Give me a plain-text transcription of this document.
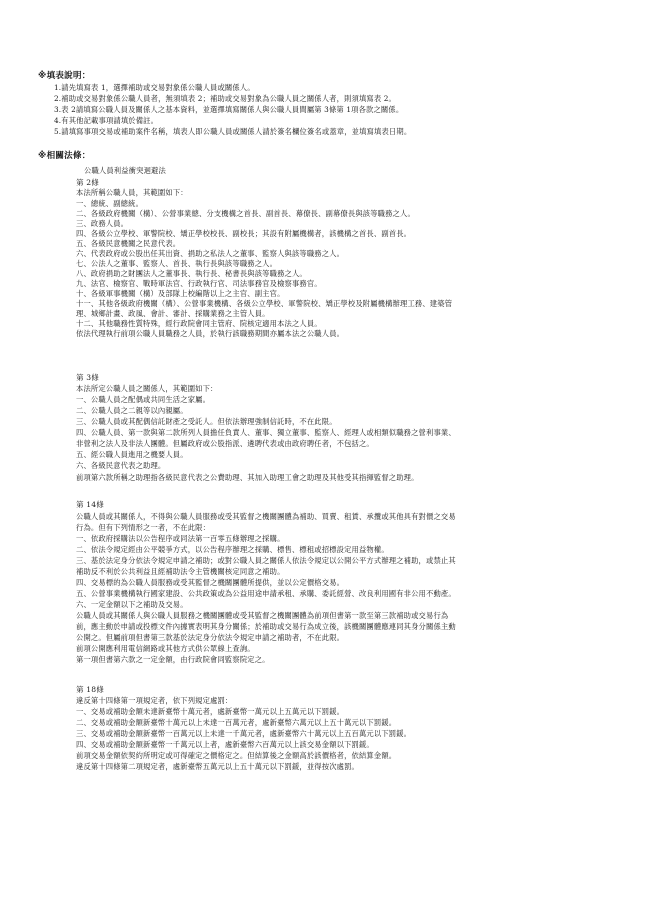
※填表說明：

1.請先填寫表 1，選擇補助或交易對象係公職人員或關係人。
2.補助或交易對象係公職人員者，無須填表 2；補助或交易對象為公職人員之關係人者，則須填寫表 2。
3.表 2請填寫公職人員及關係人之基本資料，並選擇填寫關係人與公職人員間屬第 3條第 1項各款之關係。
4.有其他記載事項請填於備註。
5.請填寫事項交易或補助案件名稱，填表人即公職人員或關係人請於簽名欄位簽名或蓋章，並填寫填表日期。

※相關法條：

公職人員利益衝突迴避法
第 2條
本法所稱公職人員，其範圍如下：
一、總統、副總統。
二、各級政府機關（構）、公營事業總、分支機構之首長、副首長、幕僚長、副幕僚長與該等職務之人。
三、政務人員。
四、各級公立學校、軍警院校、矯正學校校長、副校長；其設有附屬機構者，該機構之首長、副首長。
五、各級民意機關之民意代表。
六、代表政府或公股出任其出資、捐助之私法人之董事、監察人與該等職務之人。
七、公法人之董事、監察人、首長、執行長與該等職務之人。
八、政府捐助之財團法人之董事長、執行長、秘書長與該等職務之人。
九、法官、檢察官、戰時軍法官、行政執行官、司法事務官及檢察事務官。
十、各級軍事機關（構）及部隊上校編階以上之主官、副主官。
十一、其他各級政府機關（構）、公營事業機構、各級公立學校、軍警院校、矯正學校及附屬機構辦理工務、建築管
理、城鄉計畫、政風、會計、審計、採購業務之主管人員。
十二、其他職務性質特殊，經行政院會同主管府、院核定適用本法之人員。
依法代理執行前項公職人員職務之人員，於執行該職務期間亦屬本法之公職人員。
第 3條
本法所定公職人員之關係人，其範圍如下：
一、公職人員之配偶或共同生活之家屬。
二、公職人員之二親等以內親屬。
三、公職人員或其配偶信託財產之受託人。但依法辦理強制信託時，不在此限。
四、公職人員、第一款與第二款所列人員擔任負責人、董事、獨立董事、監察人、經理人或相類似職務之營利事業、
非營利之法人及非法人團體。但屬政府或公股指派、遴聘代表或由政府聘任者，不包括之。
五、經公職人員進用之機要人員。
六、各級民意代表之助理。
前項第六款所稱之助理指各級民意代表之公費助理、其加入助理工會之助理及其他受其指揮監督之助理。
第 14條
公職人員或其關係人，不得與公職人員服務或受其監督之機關團體為補助、買賣、租賃、承攬或其他具有對價之交易
行為。但有下列情形之一者，不在此限：
一、依政府採購法以公告程序或同法第一百零五條辦理之採購。
二、依法令規定經由公平競爭方式，以公告程序辦理之採購、標售、標租或招標設定用益物權。
三、基於法定身分依法令規定申請之補助；或對公職人員之關係人依法令規定以公開公平方式辦理之補助，或禁止其
補助反不利於公共利益且經補助法令主管機關核定同意之補助。
四、交易標的為公職人員服務或受其監督之機關團體所提供，並以公定價格交易。
五、公營事業機構執行國家建設、公共政策或為公益用途申請承租、承購、委託經營、改良利用國有非公用不動產。
六、一定金額以下之補助及交易。
公職人員或其關係人與公職人員服務之機關團體或受其監督之機關團體為前項但書第一款至第三款補助或交易行為
前，應主動於申請或投標文件內據實表明其身分關係；於補助或交易行為成立後，該機關團體應連同其身分關係主動
公開之。但屬前項但書第三款基於法定身分依法令規定申請之補助者，不在此限。
前項公開應利用電信網路或其他方式供公眾線上查詢。
第一項但書第六款之一定金額，由行政院會同監察院定之。
第 18條
違反第十四條第一項規定者，依下列規定處罰：
一、交易或補助金額未達新臺幣十萬元者，處新臺幣一萬元以上五萬元以下罰鍰。
二、交易或補助金額新臺幣十萬元以上未達一百萬元者，處新臺幣六萬元以上五十萬元以下罰鍰。
三、交易或補助金額新臺幣一百萬元以上未達一千萬元者，處新臺幣六十萬元以上五百萬元以下罰鍰。
四、交易或補助金額新臺幣一千萬元以上者，處新臺幣六百萬元以上該交易金額以下罰鍰。
前項交易金額依契約所明定或可得確定之價格定之。但結算後之金額高於該價格者，依結算金額。
違反第十四條第二項規定者，處新臺幣五萬元以上五十萬元以下罰鍰，並得按次處罰。
